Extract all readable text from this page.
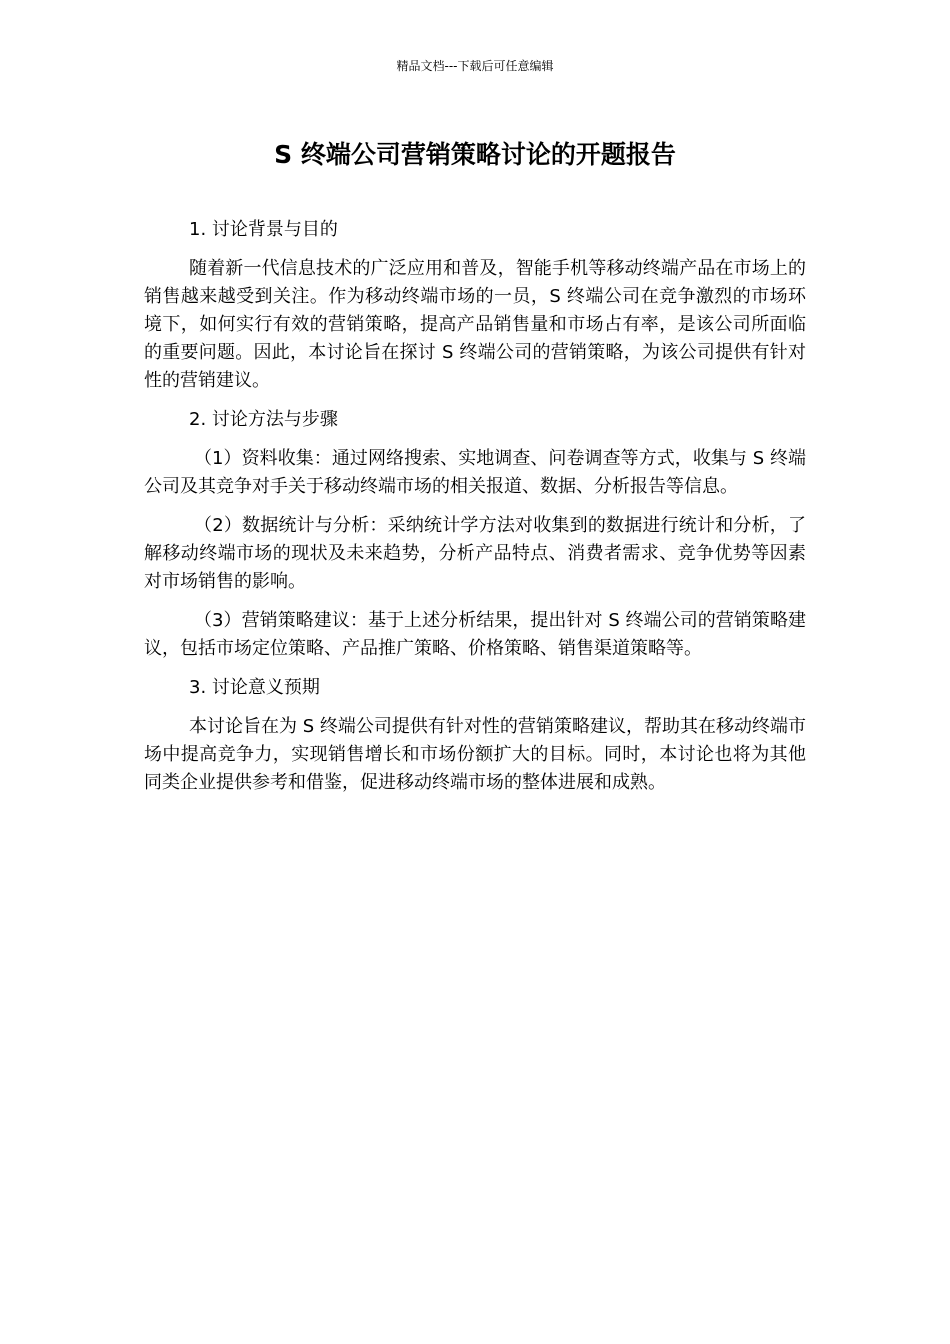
精品文档---下载后可任意编辑
S 终端公司营销策略讨论的开题报告

1. 讨论背景与目的

随着新一代信息技术的广泛应用和普及，智能手机等移动终端产品在市场上的销售越来越受到关注。作为移动终端市场的一员，S 终端公司在竞争激烈的市场环境下，如何实行有效的营销策略，提高产品销售量和市场占有率，是该公司所面临的重要问题。因此，本讨论旨在探讨 S 终端公司的营销策略，为该公司提供有针对性的营销建议。

2. 讨论方法与步骤

（1）资料收集：通过网络搜索、实地调查、问卷调查等方式，收集与 S 终端公司及其竞争对手关于移动终端市场的相关报道、数据、分析报告等信息。

（2）数据统计与分析：采纳统计学方法对收集到的数据进行统计和分析，了解移动终端市场的现状及未来趋势，分析产品特点、消费者需求、竞争优势等因素对市场销售的影响。

（3）营销策略建议：基于上述分析结果，提出针对 S 终端公司的营销策略建议，包括市场定位策略、产品推广策略、价格策略、销售渠道策略等。

3. 讨论意义预期

本讨论旨在为 S 终端公司提供有针对性的营销策略建议，帮助其在移动终端市场中提高竞争力，实现销售增长和市场份额扩大的目标。同时，本讨论也将为其他同类企业提供参考和借鉴，促进移动终端市场的整体进展和成熟。
